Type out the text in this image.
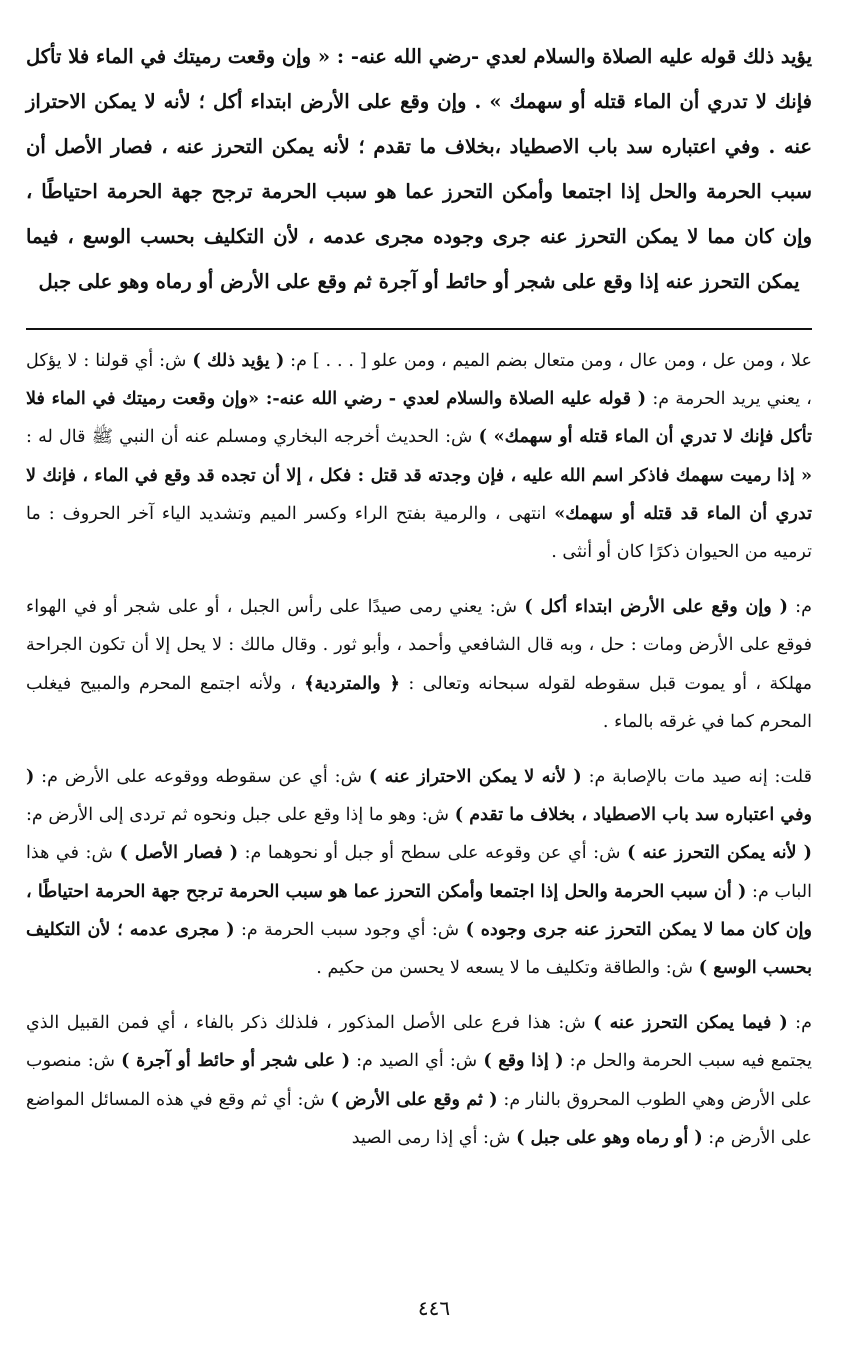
يؤيد ذلك قوله عليه الصلاة والسلام لعدي -رضي الله عنه- : « وإن وقعت رميتك في الماء فلا تأكل فإنك لا تدري أن الماء قتله أو سهمك » . وإن وقع على الأرض ابتداء أكل ؛ لأنه لا يمكن الاحتراز عنه . وفي اعتباره سد باب الاصطياد ،بخلاف ما تقدم ؛ لأنه يمكن التحرز عنه ، فصار الأصل أن سبب الحرمة والحل إذا اجتمعا وأمكن التحرز عما هو سبب الحرمة ترجح جهة الحرمة احتياطًا ، وإن كان مما لا يمكن التحرز عنه جرى وجوده مجرى عدمه ، لأن التكليف بحسب الوسع ، فيما يمكن التحرز عنه إذا وقع على شجر أو حائط أو آجرة ثم وقع على الأرض أو رماه وهو على جبل

علا ، ومن عل ، ومن عال ، ومن متعال بضم الميم ، ومن علو [ . . . ] م: ( يؤيد ذلك ) ش: أي قولنا : لا يؤكل ، يعني يريد الحرمة م: ( قوله عليه الصلاة والسلام لعدي - رضي الله عنه-: «وإن وقعت رميتك في الماء فلا تأكل فإنك لا تدري أن الماء قتله أو سهمك» ) ش: الحديث أخرجه البخاري ومسلم عنه أن النبي ﷺ قال له : « إذا رميت سهمك فاذكر اسم الله عليه ، فإن وجدته قد قتل : فكل ، إلا أن تجده قد وقع في الماء ، فإنك لا تدري أن الماء قد قتله أو سهمك» انتهى ، والرمية بفتح الراء وكسر الميم وتشديد الياء آخر الحروف : ما ترميه من الحيوان ذكرًا كان أو أنثى .

م: ( وإن وقع على الأرض ابتداء أكل ) ش: يعني رمى صيدًا على رأس الجبل ، أو على شجر أو في الهواء فوقع على الأرض ومات : حل ، وبه قال الشافعي وأحمد ، وأبو ثور . وقال مالك : لا يحل إلا أن تكون الجراحة مهلكة ، أو يموت قبل سقوطه لقوله سبحانه وتعالى : ﴿ والمتردية﴾ ، ولأنه اجتمع المحرم والمبيح فيغلب المحرم كما في غرقه بالماء .

قلت: إنه صيد مات بالإصابة م: ( لأنه لا يمكن الاحتراز عنه ) ش: أي عن سقوطه ووقوعه على الأرض م: ( وفي اعتباره سد باب الاصطياد ، بخلاف ما تقدم ) ش: وهو ما إذا وقع على جبل ونحوه ثم تردى إلى الأرض م: ( لأنه يمكن التحرز عنه ) ش: أي عن وقوعه على سطح أو جبل أو نحوهما م: ( فصار الأصل ) ش: في هذا الباب م: ( أن سبب الحرمة والحل إذا اجتمعا وأمكن التحرز عما هو سبب الحرمة ترجح جهة الحرمة احتياطًا ، وإن كان مما لا يمكن التحرز عنه جرى وجوده ) ش: أي وجود سبب الحرمة م: ( مجرى عدمه ؛ لأن التكليف بحسب الوسع ) ش: والطاقة وتكليف ما لا يسعه لا يحسن من حكيم .

م: ( فيما يمكن التحرز عنه ) ش: هذا فرع على الأصل المذكور ، فلذلك ذكر بالفاء ، أي فمن القبيل الذي يجتمع فيه سبب الحرمة والحل م: ( إذا وقع ) ش: أي الصيد م: ( على شجر أو حائط أو آجرة ) ش: منصوب على الأرض وهي الطوب المحروق بالنار م: ( ثم وقع على الأرض ) ش: أي ثم وقع في هذه المسائل المواضع على الأرض م: ( أو رماه وهو على جبل ) ش: أي إذا رمى الصيد

٤٤٦
